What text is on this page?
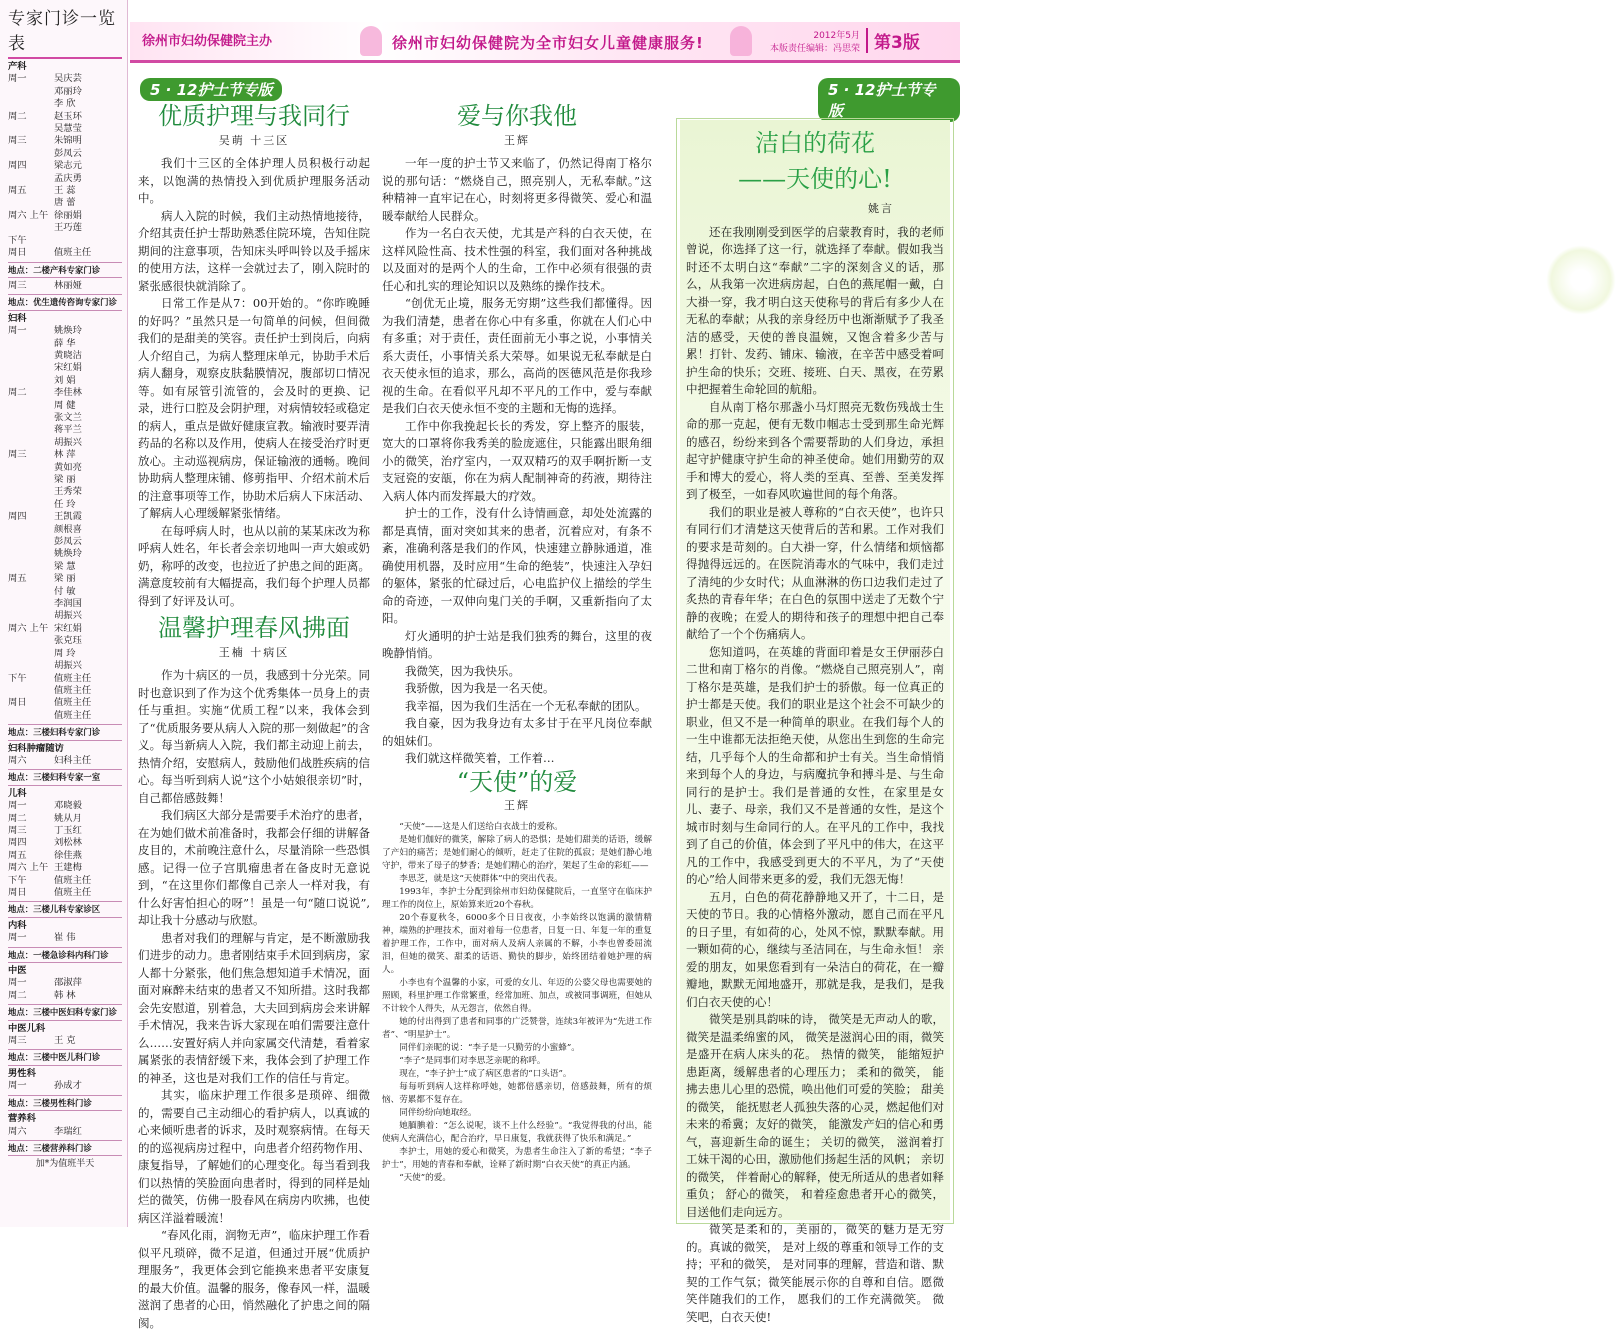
专家门诊一览表
产科
周一	吴庆芸
邓丽玲
李 欣
周二	赵玉环
吴慧莹
周三	朱锦明
彭凤云
周四	梁志元
孟庆勇
周五	王 蕊
唐 蕾
周六 上午 徐丽娟
王巧莲
下午
周日	值班主任
地点：二楼产科专家门诊
周三	林丽娅
地点：优生遗传咨询专家门诊
妇科
周一	姚焕玲
薛 华
黄晓洁
宋红娟
刘 娟
周二	李佳林
周 健
张文兰
蒋平兰
胡振兴
周三	林 萍
黄如亮
梁 丽
王秀荣
任 玲
周四	王凯霞
颜根喜
彭凤云
姚焕玲
梁 慧
周五	梁 丽
付 敏
李润国
胡振兴
周六 上午 宋红娟
张克珏
周 玲
胡振兴
下午	值班主任
值班主任
周日	值班主任
值班主任
地点：三楼妇科专家门诊
妇科肿瘤随访
周六	妇科主任
地点：三楼妇科专家一室
儿科
周一	邓晓毅
周二	姚从月
周三	丁玉红
周四	刘松林
周五	徐佳燕
周六 上午 王建梅
下午	值班主任
周日	值班主任
地点：三楼儿科专家诊区
内科
周一	崔 伟
地点：一楼急诊科内科门诊
中医
周一	邵淑萍
周二	韩 林
地点：三楼中医妇科专家门诊
中医儿科
周三	王 克
地点：三楼中医儿科门诊
男性科
周一	孙成才
地点：三楼男性科门诊
营养科
周六	李瑞红
地点：三楼营养科门诊
加*为值班半天
徐州市妇幼保健院主办	徐州市妇幼保健院为全市妇女儿童健康服务!	2012年5月
本版责任编辑：冯思荣 第3版
5 · 12护士节专版	5 · 12护士节专版
优质护理与我同行
吴萌 十三区

我们十三区的全体护理人员积极行动起来，以饱满的热情投入到优质护理服务活动中。

病人入院的时候，我们主动热情地接待，介绍其责任护士帮助熟悉住院环境，告知住院期间的注意事项，告知床头呼叫铃以及手摇床的使用方法，这样一会就过去了，刚入院时的紧张感很快就消除了。

日常工作是从7：00开始的。“你昨晚睡的好吗？”虽然只是一句简单的问候，但间微我们的是甜美的笑容。责任护士到岗后，向病人介绍自己，为病人整理床单元，协助手术后病人翻身，观察皮肤黏膜情况，腹部切口情况等。如有尿管引流管的，会及时的更换、记录，进行口腔及会阴护理，对病情较轻或稳定的病人，重点是做好健康宣教。输液时要弄清药品的名称以及作用，使病人在接受治疗时更放心。主动巡视病房，保证输液的通畅。晚间协助病人整理床铺、修剪指甲、介绍术前术后的注意事项等工作，协助术后病人下床活动、了解病人心理缓解紧张情绪。

在每呼病人时，也从以前的某某床改为称呼病人姓名，年长者会亲切地叫一声大娘或奶奶，称呼的改变，也拉近了护患之间的距离。满意度较前有大幅提高，我们每个护理人员都得到了好评及认可。

温馨护理春风拂面
王楠 十病区

作为十病区的一员，我感到十分光荣。同时也意识到了作为这个优秀集体一员身上的责任与重担。实施“优质工程”以来，我体会到了“优质服务要从病人入院的那一刻做起”的含义。每当新病人入院，我们都主动迎上前去，热情介绍，安慰病人，鼓励他们战胜疾病的信心。每当听到病人说“这个小姑娘很亲切”时，自己都倍感鼓舞！

我们病区大部分是需要手术治疗的患者，在为她们做术前准备时，我都会仔细的讲解备皮目的，术前晚注意什么，尽量消除一些恐惧感。记得一位子宫肌瘤患者在备皮时无意说到，“在这里你们都像自己亲人一样对我，有什么好害怕担心的呀”！虽是一句“随口说说”,却让我十分感动与欣慰。

患者对我们的理解与肯定，是不断激励我们进步的动力。患者刚结束手术回到病房，家人都十分紧张，他们焦急想知道手术情况，面面对麻醉未结束的患者又不知所措。这时我都会先安慰道，别着急，大夫回到病房会来讲解手术情况，我来告诉大家现在咱们需要注意什么……安置好病人并向家属交代清楚，看着家属紧张的表情舒缓下来，我体会到了护理工作的神圣，这也是对我们工作的信任与肯定。

其实，临床护理工作很多是琐碎、细微的，需要自己主动细心的看护病人，以真诚的心来倾听患者的诉求，及时观察病情。在每天的的巡视病房过程中，向患者介绍药物作用、康复指导，了解她们的心理变化。每当看到我们以热情的笑脸面向患者时，得到的同样是灿烂的微笑，仿佛一股春风在病房内吹拂，也使病区洋溢着暖流！

“春风化雨，润物无声”，临床护理工作看似平凡琐碎，微不足道，但通过开展“优质护理服务”，我更体会到它能换来患者平安康复的最大价值。温馨的服务，像春风一样，温暖滋润了患者的心田，悄然融化了护患之间的隔阂。

爱与你我他
王辉

一年一度的护士节又来临了，仍然记得南丁格尔说的那句话：“燃烧自己，照亮别人，无私奉献。”这种精神一直牢记在心，时刻将更多得微笑、爱心和温暖奉献给人民群众。

作为一名白衣天使，尤其是产科的白衣天使，在这样风险性高、技术性强的科室，我们面对各种挑战以及面对的是两个人的生命，工作中必须有很强的责任心和扎实的理论知识以及熟练的操作技术。

“创优无止境，服务无穷期”这些我们都懂得。因为我们清楚，患者在你心中有多重，你就在人们心中有多重；对于责任，责任面前无小事之说，小事情关系大责任，小事情关系大荣辱。如果说无私奉献是白衣天使永恒的追求，那么，高尚的医德风范是你我珍视的生命。在看似平凡却不平凡的工作中，爱与奉献是我们白衣天使永恒不变的主题和无悔的选择。

工作中你我挽起长长的秀发，穿上整齐的服装，宽大的口罩将你我秀美的脸庞遮住，只能露出眼角细小的微笑，治疗室内，一双双精巧的双手啊折断一支支冠瓷的安瓿，你在为病人配制神奇的药液，期待注入病人体内而发挥最大的疗效。

护士的工作，没有什么诗情画意，却处处流露的都是真情，面对突如其来的患者，沉着应对，有条不紊，准确利落是我们的作风，快速建立静脉通道，准确使用机器，及时应用“生命的绝装”，快速注入孕妇的躯体，紧张的忙碌过后，心电监护仪上描绘的学生命的奇迹，一双伸向鬼门关的手啊，又重新指向了太阳。

灯火通明的护士站是我们独秀的舞台，这里的夜晚静悄悄。

我微笑，因为我快乐。

我骄傲，因为我是一名天使。

我幸福，因为我们生活在一个无私奉献的团队。

我自豪，因为我身边有太多甘于在平凡岗位奉献的姐妹们。

我们就这样微笑着，工作着…

“天使”的爱
王辉

“天使”——这是人们送给白衣战士的爱称。

是她们伽好的微笑，解除了病人的恐惧；是她们甜美的话语，缓解了产妇的痛苦；是她们耐心的倾听，赶走了住院的孤寂；是她们静心地守护，带来了母子的梦香；是她们精心的治疗，架起了生命的彩虹——

李思芝，就是这“天使群体”中的突出代表。

1993年，李护士分配到徐州市妇幼保健院后，一直坚守在临床护理工作的岗位上，原始算来近20个春秋。

20个春夏秋冬，6000多个日日夜夜，小李始终以饱满的激情精神，端熟的护理技术，面对着每一位患者，日复一日、年复一年的重复着护理工作，工作中，面对病人及病人亲属的不解，小李也曾委屈流泪，但她的微笑、甜柔的话语、勤快的脚步，始终团结着她护理的病人。

小李也有个温馨的小家，可爱的女儿、年迈的公婆父母也需要她的照顾，科里护理工作常繁重，经常加班、加点，或被同事调班，但她从不计较个人得失，从无怨言，依然自得。

她的付出得到了患者和同事的广泛赞誉，连续3年被评为“先进工作者”、“明星护士”。

同伴们亲昵的说：“李子是一只勤劳的小蜜蜂”。

“李子”是同事们对李思芝亲昵的称呼。

现在，“李子护士”成了病区患者的“口头语”。

每每听到病人这样称呼她，她都倍感亲切，倍感鼓舞，所有的烦恼、劳累都不复存在。

同伴纷纷向她取经。

她腼腆着：“怎么说呢，谈不上什么经验”。“我觉得我的付出，能使病人充满信心，配合治疗，早日康复，我就获得了快乐和满足。”

李护士，用她的爱心和微笑，为患者生命注入了新的希望；“李子护士”，用她的青春和奉献，诠释了新时期“白衣天使”的真正内涵。

“天使”的爱。

洁白的荷花
——天使的心!
姚言

还在我刚刚受到医学的启蒙教育时，我的老师曾说，你选择了这一行，就选择了奉献。假如我当时还不太明白这“奉献”二字的深刻含义的话，那么，从我第一次进病房起，白色的燕尾帽一戴，白大褂一穿，我才明白这天使称号的背后有多少人在无私的奉献；从我的亲身经历中也渐渐赋予了我圣洁的感受，天使的善良温婉，又饱含着多少苦与累！打针、发药、铺床、输液，在辛苦中感受着呵护生命的快乐；交班、接班、白天、黑夜，在劳累中把握着生命轮回的航船。

自从南丁格尔那盏小马灯照亮无数伤残战士生命的那一克起，便有无数巾帼志士受到那生命光辉的感召，纷纷来到各个需要帮助的人们身边，承担起守护健康守护生命的神圣使命。她们用勤劳的双手和博大的爱心，将人类的至真、至善、至美发挥到了极至，一如春风吹遍世间的每个角落。

我们的职业是被人尊称的“白衣天使”，也许只有同行们才清楚这天使背后的苦和累。工作对我们的要求是苛刻的。白大褂一穿，什么情绪和烦恼都得抛得远远的。在医院消毒水的气味中，我们走过了清纯的少女时代；从血淋淋的伤口边我们走过了炙热的青春年华；在白色的氛围中送走了无数个宁静的夜晚；在爱人的期待和孩子的理想中把自己奉献给了一个个伤痛病人。

您知道吗，在英雄的背面印着是女王伊丽莎白二世和南丁格尔的肖像。“燃烧自己照亮别人”，南丁格尔是英雄，是我们护士的骄傲。每一位真正的护士都是天使。我们的职业是这个社会不可缺少的职业，但又不是一种简单的职业。在我们每个人的一生中谁都无法拒绝天使，从您出生到您的生命完结，几乎每个人的生命都和护士有关。当生命悄悄来到每个人的身边，与病魔抗争和搏斗是、与生命同行的是护士。我们是普通的女性，在家里是女儿、妻子、母亲，我们又不是普通的女性，是这个城市时刻与生命同行的人。在平凡的工作中，我找到了自己的价值，体会到了平凡中的伟大，在这平凡的工作中，我感受到更大的不平凡，为了“天使的心”给人间带来更多的爱，我们无怨无悔！

五月，白色的荷花静静地又开了，十二日，是天使的节日。我的心情格外激动，愿自己而在平凡的日子里，有如荷的心，处风不惊，默默奉献。用一颗如荷的心，继续与圣洁同在，与生命永恒！ 亲爱的朋友，如果您看到有一朵洁白的荷花，在一瓣瓣地，默默无闻地盛开，那就是我，是我们，是我们白衣天使的心！

微笑是别具韵味的诗， 微笑是无声动人的歌，微笑是温柔绵蜜的风， 微笑是滋润心田的雨，微笑是盛开在病人床头的花。 热情的微笑， 能缩短护患距离，缓解患者的心理压力； 柔和的微笑， 能拂去患儿心里的恐慌，唤出他们可爱的笑脸； 甜美的微笑， 能抚慰老人孤独失落的心灵，燃起他们对未来的希冀；友好的微笑， 能激发产妇的信心和勇气，喜迎新生命的诞生； 关切的微笑， 滋润着打工妹干渴的心田，激励他们扬起生活的风帆； 亲切的微笑， 伴着耐心的解释，使无所适从的患者如释重负； 舒心的微笑， 和着痊愈患者开心的微笑，目送他们走向远方。

微笑是柔和的，美丽的，微笑的魅力是无穷的。真诚的微笑， 是对上级的尊重和领导工作的支持；平和的微笑， 是对同事的理解，营造和谐、默契的工作气氛；微笑能展示你的自尊和自信。愿微笑伴随我们的工作， 愿我们的工作充满微笑。 微笑吧，白衣天使!
